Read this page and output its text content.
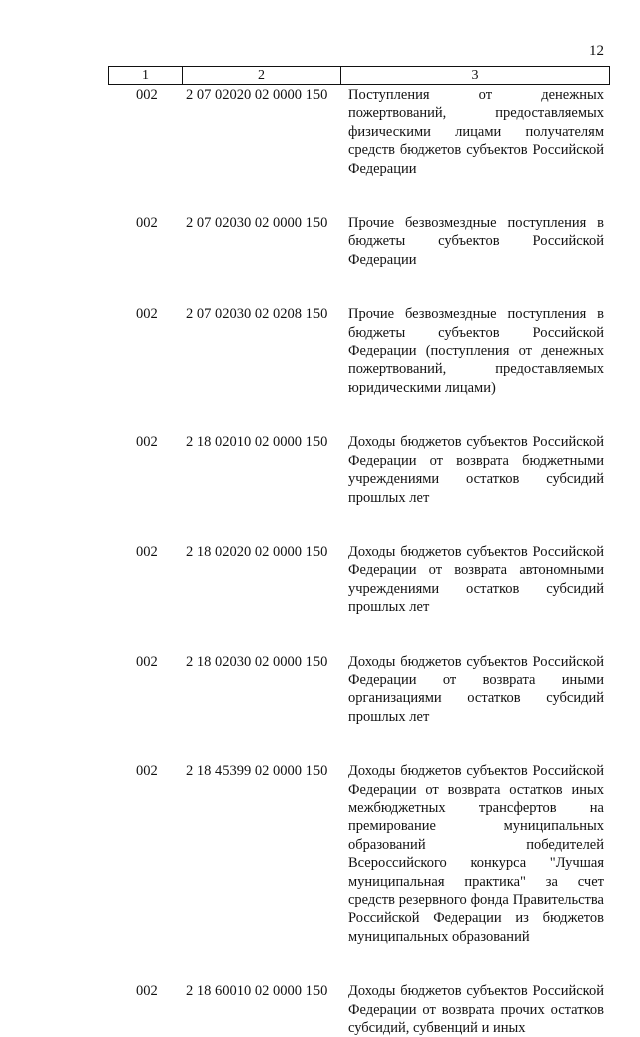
12
1	2	3
002	2 07 02020 02 0000 150	Поступления от денежных пожертвований, предоставляемых физическими лицами получателям средств бюджетов субъектов Российской Федерации
002	2 07 02030 02 0000 150	Прочие безвозмездные поступления в бюджеты субъектов Российской Федерации
002	2 07 02030 02 0208 150	Прочие безвозмездные поступления в бюджеты субъектов Российской Федерации (поступления от денежных пожертвований, предоставляемых юридическими лицами)
002	2 18 02010 02 0000 150	Доходы бюджетов субъектов Российской Федерации от возврата бюджетными учреждениями остатков субсидий прошлых лет
002	2 18 02020 02 0000 150	Доходы бюджетов субъектов Российской Федерации от возврата автономными учреждениями остатков субсидий прошлых лет
002	2 18 02030 02 0000 150	Доходы бюджетов субъектов Российской Федерации от возврата иными организациями остатков субсидий прошлых лет
002	2 18 45399 02 0000 150	Доходы бюджетов субъектов Российской Федерации от возврата остатков иных межбюджетных трансфертов на премирование муниципальных образований победителей Всероссийского конкурса "Лучшая муниципальная практика" за счет средств резервного фонда Правительства Российской Федерации из бюджетов муниципальных образований
002	2 18 60010 02 0000 150	Доходы бюджетов субъектов Российской Федерации от возврата прочих остатков субсидий, субвенций и иных
